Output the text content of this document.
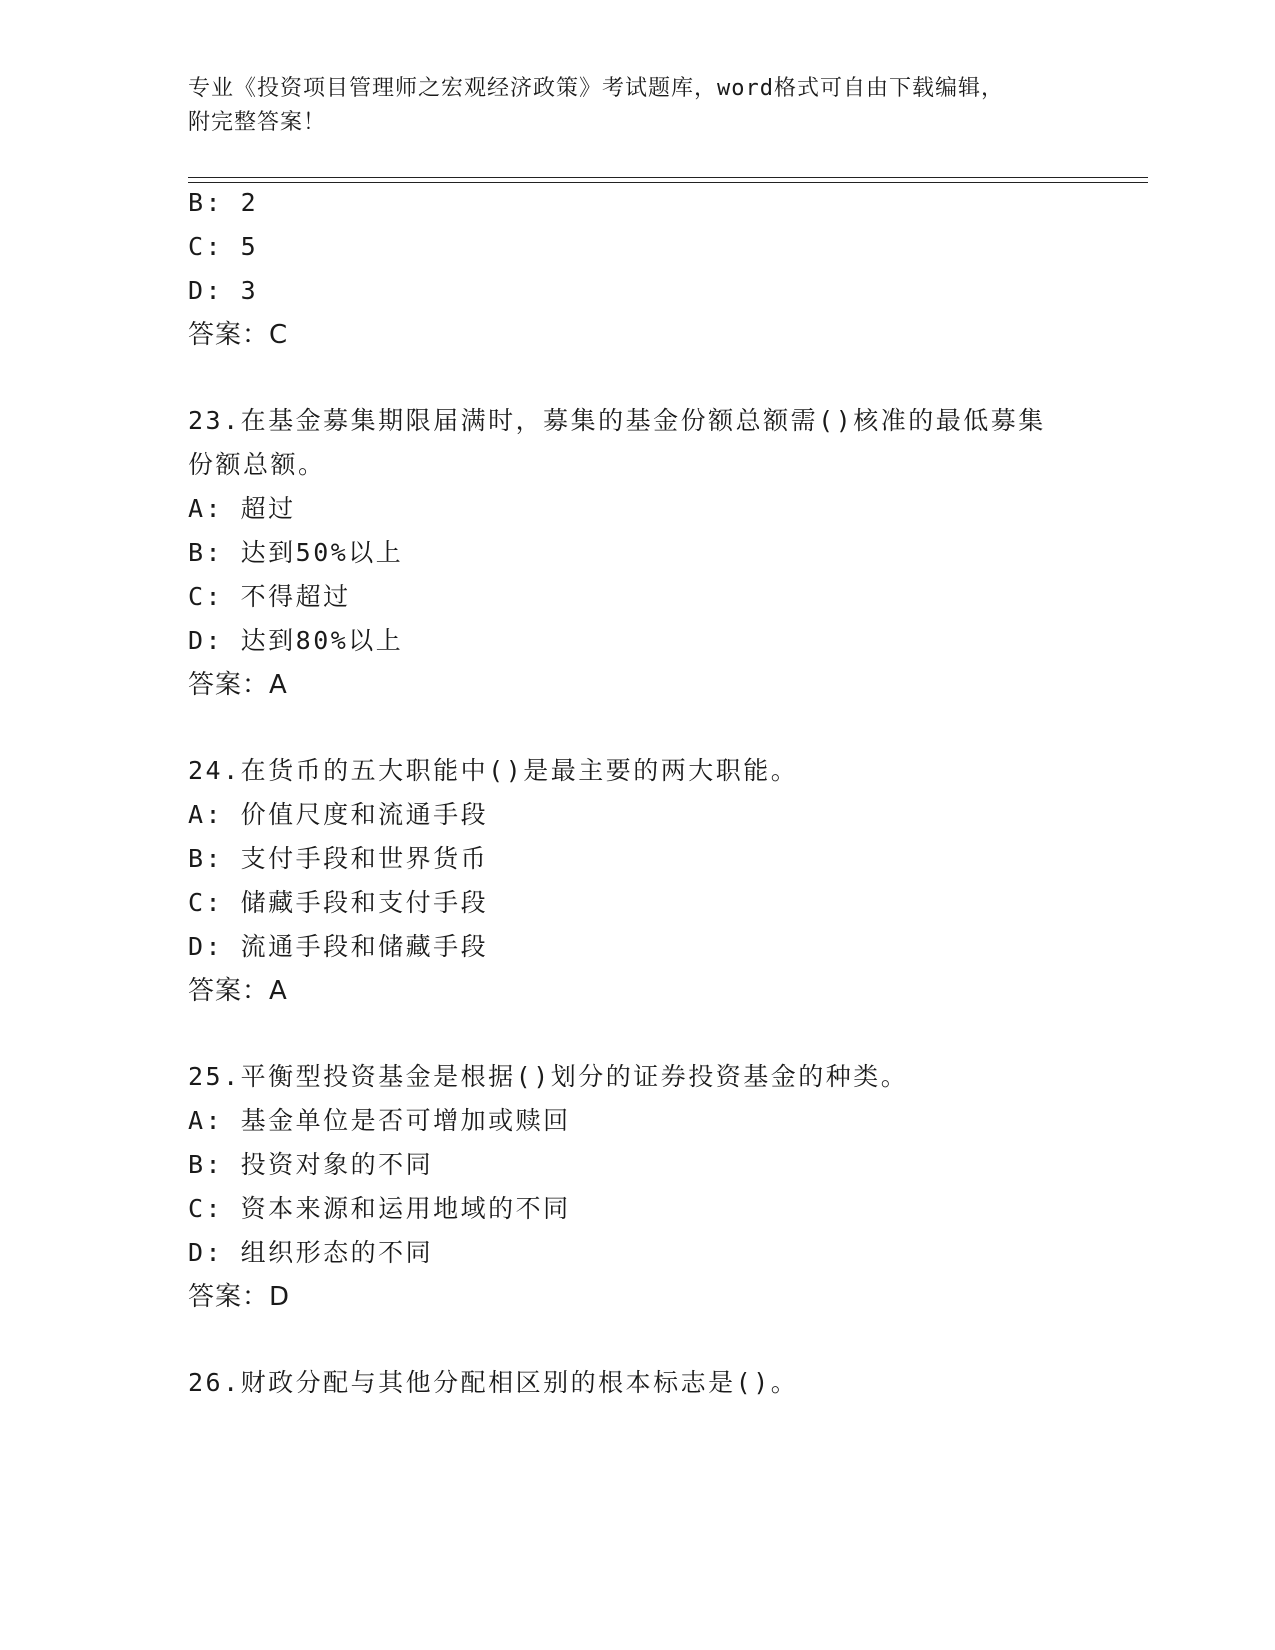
专业《投资项目管理师之宏观经济政策》考试题库，word格式可自由下载编辑，
附完整答案！
B: 2
C: 5
D: 3
答案：C
23.在基金募集期限届满时，募集的基金份额总额需()核准的最低募集
份额总额。
A: 超过
B: 达到50%以上
C: 不得超过
D: 达到80%以上
答案：A
24.在货币的五大职能中()是最主要的两大职能。
A: 价值尺度和流通手段
B: 支付手段和世界货币
C: 储藏手段和支付手段
D: 流通手段和储藏手段
答案：A
25.平衡型投资基金是根据()划分的证券投资基金的种类。
A: 基金单位是否可增加或赎回
B: 投资对象的不同
C: 资本来源和运用地域的不同
D: 组织形态的不同
答案：D
26.财政分配与其他分配相区别的根本标志是()。
